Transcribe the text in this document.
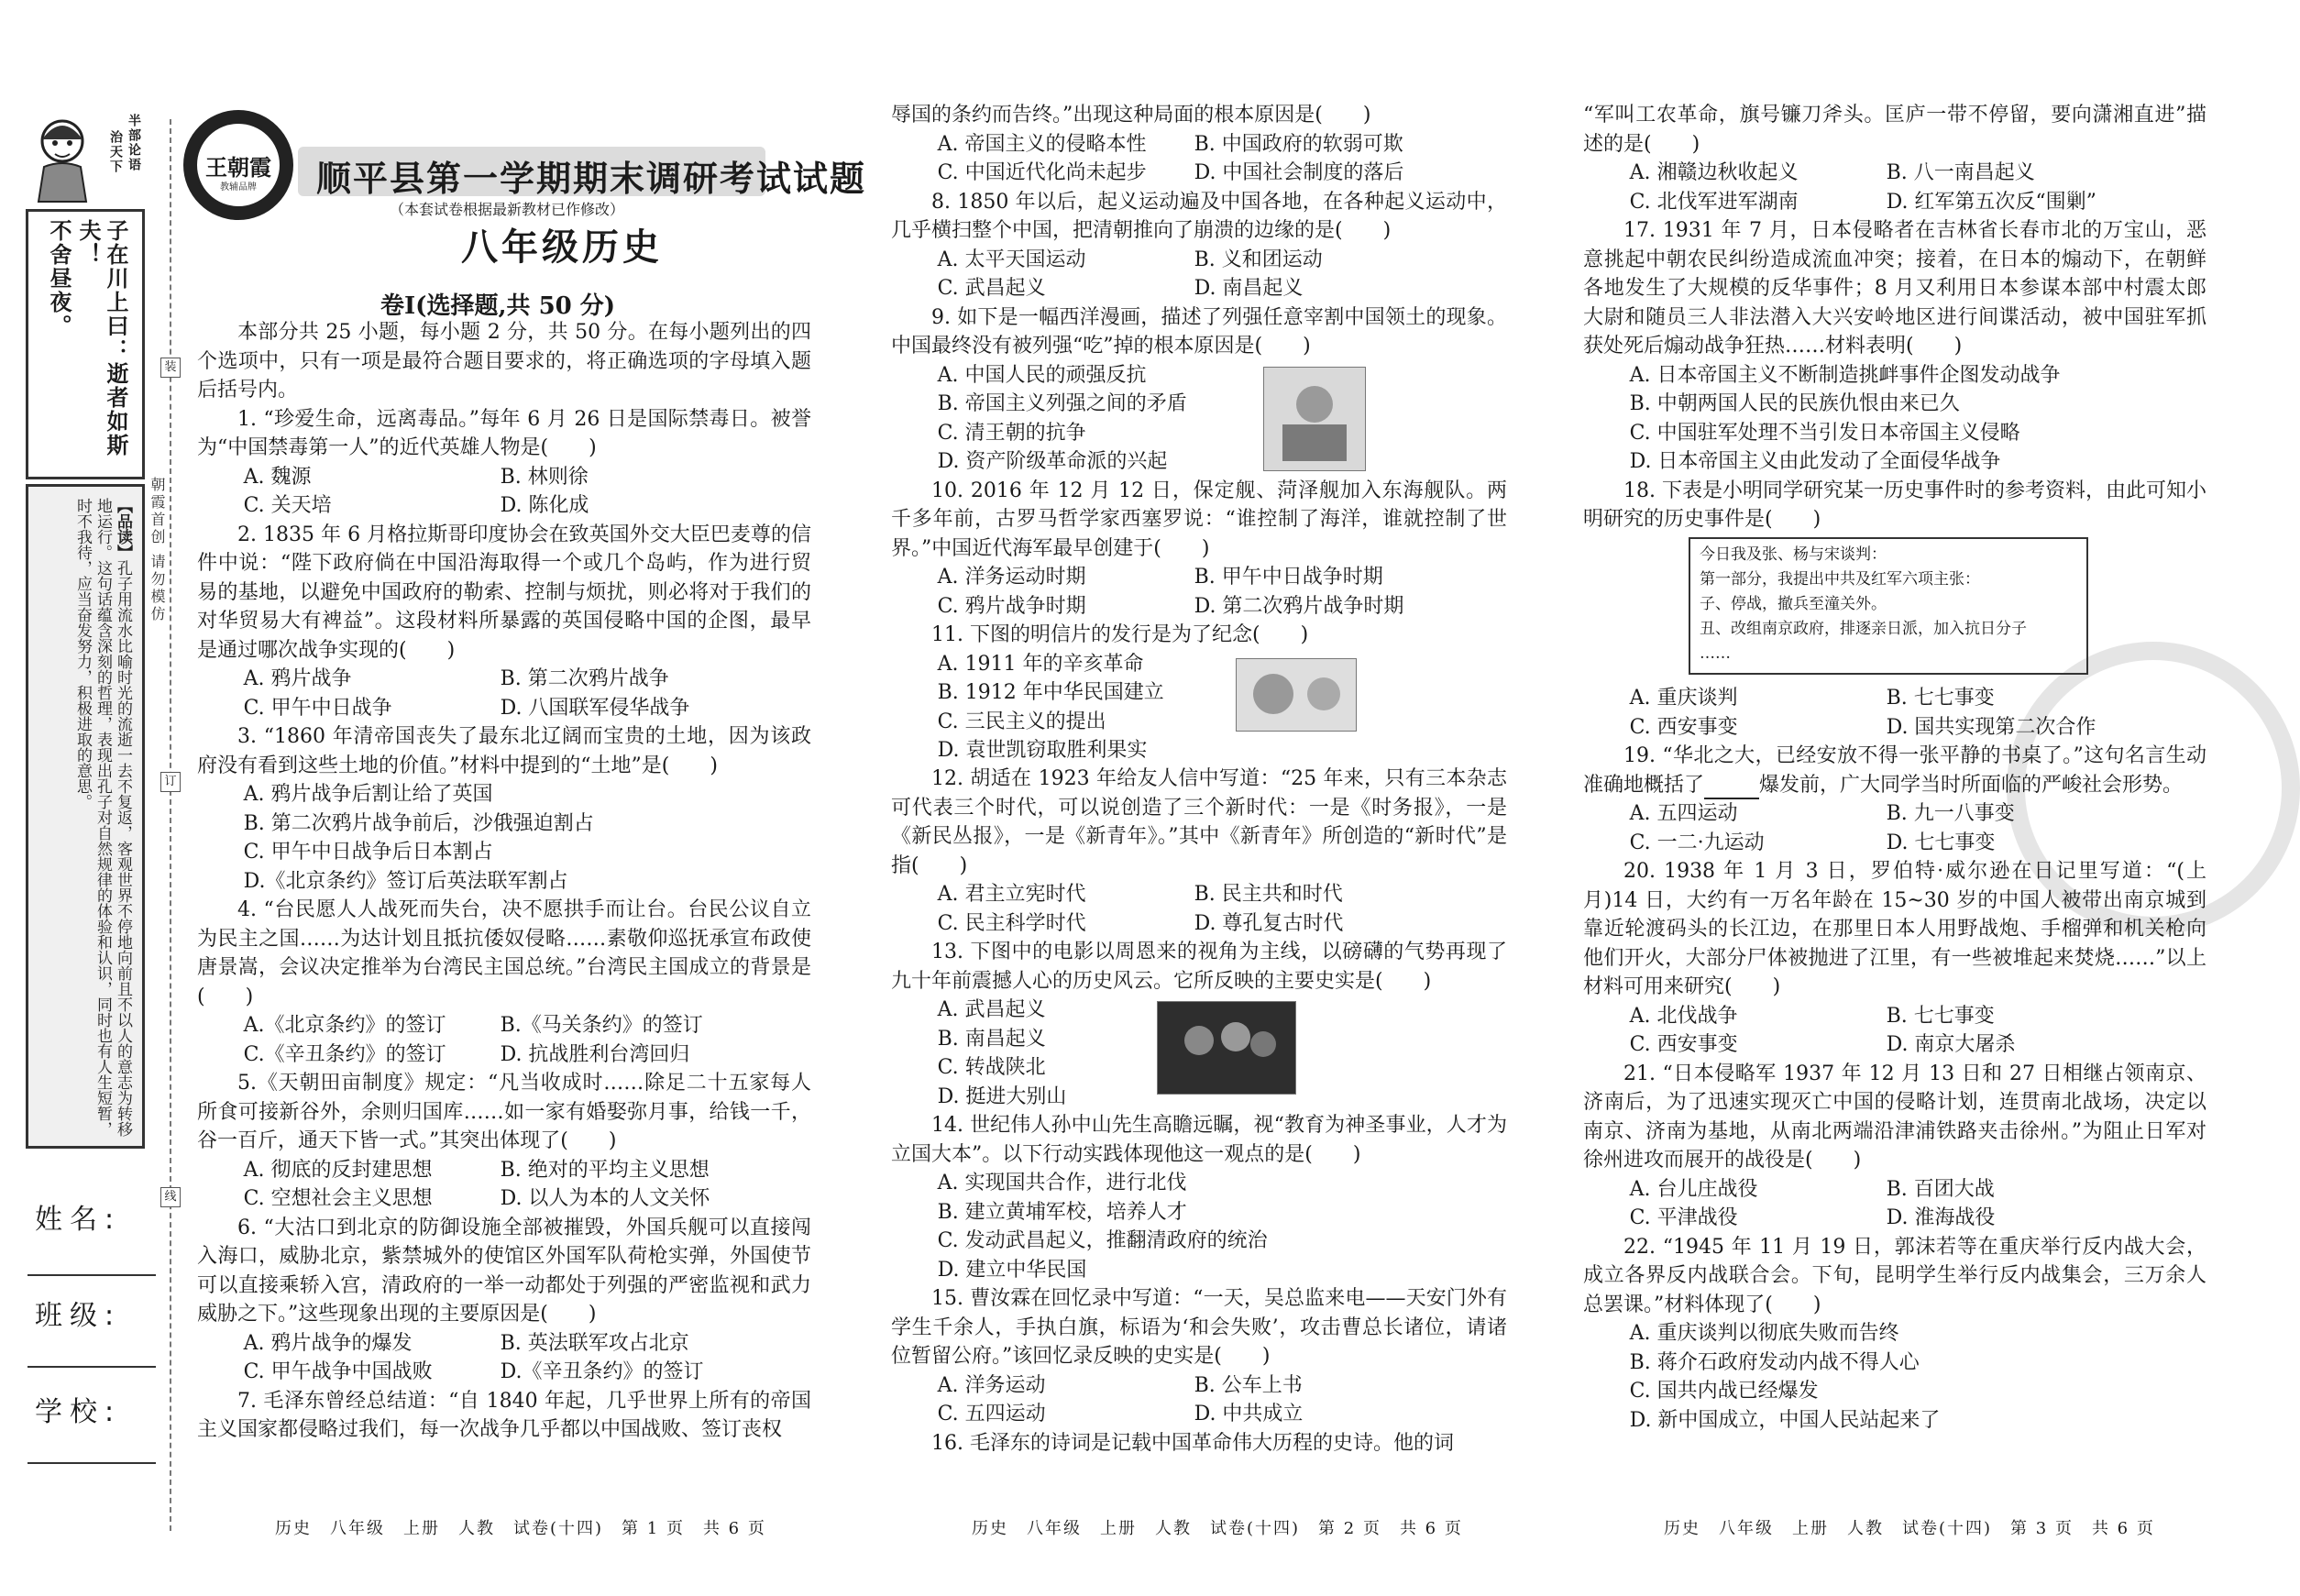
半部论语
治天下
子在川上曰：逝者如斯夫！
不舍昼夜。
【品读】孔子用流水比喻时光的流逝一去不复返，客观世界不停地向前且不以人的意志为转移地运行。这句话蕴含深刻的哲理，表现出孔子对自然规律的体验和认识，同时也有人生短暂，时不我待，应当奋发努力，积极进取的意思。
装
订
线
朝霞首创 请勿模仿
姓名:
班级:
学校:
王朝霞
教辅品牌	顺平县第一学期期末调研考试试题
（本套试卷根据最新教材已作修改）
八年级历史
卷Ⅰ(选择题,共 50 分)

本部分共 25 小题，每小题 2 分，共 50 分。在每小题列出的四个选项中，只有一项是最符合题目要求的，将正确选项的字母填入题后括号内。

1. “珍爱生命，远离毒品。”每年 6 月 26 日是国际禁毒日。被誉为“中国禁毒第一人”的近代英雄人物是(　　)

A. 魏源	B. 林则徐
C. 关天培	D. 陈化成

2. 1835 年 6 月格拉斯哥印度协会在致英国外交大臣巴麦尊的信件中说：“陛下政府倘在中国沿海取得一个或几个岛屿，作为进行贸易的基地，以避免中国政府的勒索、控制与烦扰，则必将对于我们的对华贸易大有裨益”。这段材料所暴露的英国侵略中国的企图，最早是通过哪次战争实现的(　　)

A. 鸦片战争	B. 第二次鸦片战争
C. 甲午中日战争	D. 八国联军侵华战争

3. “1860 年清帝国丧失了最东北辽阔而宝贵的土地，因为该政府没有看到这些土地的价值。”材料中提到的“土地”是(　　)

A. 鸦片战争后割让给了英国

B. 第二次鸦片战争前后，沙俄强迫割占

C. 甲午中日战争后日本割占

D.《北京条约》签订后英法联军割占

4. “台民愿人人战死而失台，决不愿拱手而让台。台民公议自立为民主之国……为达计划且抵抗倭奴侵略……素敬仰巡抚承宣布政使唐景嵩，会议决定推举为台湾民主国总统。”台湾民主国成立的背景是(　　)

A.《北京条约》的签订	B.《马关条约》的签订
C.《辛丑条约》的签订	D. 抗战胜利台湾回归

5.《天朝田亩制度》规定：“凡当收成时……除足二十五家每人所食可接新谷外，余则归国库……如一家有婚娶弥月事，给钱一千，谷一百斤，通天下皆一式。”其突出体现了(　　)

A. 彻底的反封建思想	B. 绝对的平均主义思想
C. 空想社会主义思想	D. 以人为本的人文关怀

6. “大沽口到北京的防御设施全部被摧毁，外国兵舰可以直接闯入海口，威胁北京，紫禁城外的使馆区外国军队荷枪实弹，外国使节可以直接乘轿入宫，清政府的一举一动都处于列强的严密监视和武力威胁之下。”这些现象出现的主要原因是(　　)

A. 鸦片战争的爆发	B. 英法联军攻占北京
C. 甲午战争中国战败	D.《辛丑条约》的签订

7. 毛泽东曾经总结道：“自 1840 年起，几乎世界上所有的帝国主义国家都侵略过我们，每一次战争几乎都以中国战败、签订丧权

辱国的条约而告终。”出现这种局面的根本原因是(　　)

A. 帝国主义的侵略本性	B. 中国政府的软弱可欺
C. 中国近代化尚未起步	D. 中国社会制度的落后

8. 1850 年以后，起义运动遍及中国各地，在各种起义运动中，几乎横扫整个中国，把清朝推向了崩溃的边缘的是(　　)

A. 太平天国运动	B. 义和团运动
C. 武昌起义	D. 南昌起义

9. 如下是一幅西洋漫画，描述了列强任意宰割中国领土的现象。中国最终没有被列强“吃”掉的根本原因是(　　)

A. 中国人民的顽强反抗

B. 帝国主义列强之间的矛盾

C. 清王朝的抗争

D. 资产阶级革命派的兴起

10. 2016 年 12 月 12 日，保定舰、菏泽舰加入东海舰队。两千多年前，古罗马哲学家西塞罗说：“谁控制了海洋，谁就控制了世界。”中国近代海军最早创建于(　　)

A. 洋务运动时期	B. 甲午中日战争时期
C. 鸦片战争时期	D. 第二次鸦片战争时期

11. 下图的明信片的发行是为了纪念(　　)

A. 1911 年的辛亥革命

B. 1912 年中华民国建立

C. 三民主义的提出

D. 袁世凯窃取胜利果实

12. 胡适在 1923 年给友人信中写道：“25 年来，只有三本杂志可代表三个时代，可以说创造了三个新时代：一是《时务报》，一是《新民丛报》，一是《新青年》。”其中《新青年》所创造的“新时代”是指(　　)

A. 君主立宪时代	B. 民主共和时代
C. 民主科学时代	D. 尊孔复古时代

13. 下图中的电影以周恩来的视角为主线，以磅礴的气势再现了九十年前震撼人心的历史风云。它所反映的主要史实是(　　)

A. 武昌起义

B. 南昌起义

C. 转战陕北

D. 挺进大别山

14. 世纪伟人孙中山先生高瞻远瞩，视“教育为神圣事业，人才为立国大本”。以下行动实践体现他这一观点的是(　　)

A. 实现国共合作，进行北伐

B. 建立黄埔军校，培养人才

C. 发动武昌起义，推翻清政府的统治

D. 建立中华民国

15. 曹汝霖在回忆录中写道：“一天，吴总监来电——天安门外有学生千余人，手执白旗，标语为‘和会失败’，攻击曹总长诸位，请诸位暂留公府。”该回忆录反映的史实是(　　)

A. 洋务运动	B. 公车上书
C. 五四运动	D. 中共成立

16. 毛泽东的诗词是记载中国革命伟大历程的史诗。他的词

“军叫工农革命，旗号镰刀斧头。匡庐一带不停留，要向潇湘直进”描述的是(　　)

A. 湘赣边秋收起义	B. 八一南昌起义
C. 北伐军进军湖南	D. 红军第五次反“围剿”

17. 1931 年 7 月，日本侵略者在吉林省长春市北的万宝山，恶意挑起中朝农民纠纷造成流血冲突；接着，在日本的煽动下，在朝鲜各地发生了大规模的反华事件；8 月又利用日本参谋本部中村震太郎大尉和随员三人非法潜入大兴安岭地区进行间谍活动，被中国驻军抓获处死后煽动战争狂热……材料表明(　　)

A. 日本帝国主义不断制造挑衅事件企图发动战争

B. 中朝两国人民的民族仇恨由来已久

C. 中国驻军处理不当引发日本帝国主义侵略

D. 日本帝国主义由此发动了全面侵华战争

18. 下表是小明同学研究某一历史事件时的参考资料，由此可知小明研究的历史事件是(　　)

今日我及张、杨与宋谈判：
第一部分，我提出中共及红军六项主张：
子、停战，撤兵至潼关外。
丑、改组南京政府，排逐亲日派，加入抗日分子
……
A. 重庆谈判	B. 七七事变
C. 西安事变	D. 国共实现第二次合作

19. “华北之大，已经安放不得一张平静的书桌了。”这句名言生动准确地概括了	爆发前，广大同学当时所面临的严峻社会形势。

A. 五四运动	B. 九一八事变
C. 一二·九运动	D. 七七事变

20. 1938 年 1 月 3 日，罗伯特·威尔逊在日记里写道：“(上月)14 日，大约有一万名年龄在 15~30 岁的中国人被带出南京城到靠近轮渡码头的长江边，在那里日本人用野战炮、手榴弹和机关枪向他们开火，大部分尸体被抛进了江里，有一些被堆起来焚烧……”以上材料可用来研究(　　)

A. 北伐战争	B. 七七事变
C. 西安事变	D. 南京大屠杀

21. “日本侵略军 1937 年 12 月 13 日和 27 日相继占领南京、济南后，为了迅速实现灭亡中国的侵略计划，连贯南北战场，决定以南京、济南为基地，从南北两端沿津浦铁路夹击徐州。”为阻止日军对徐州进攻而展开的战役是(　　)

A. 台儿庄战役	B. 百团大战
C. 平津战役	D. 淮海战役

22. “1945 年 11 月 19 日，郭沫若等在重庆举行反内战大会，成立各界反内战联合会。下旬，昆明学生举行反内战集会，三万余人总罢课。”材料体现了(　　)

A. 重庆谈判以彻底失败而告终

B. 蒋介石政府发动内战不得人心

C. 国共内战已经爆发

D. 新中国成立，中国人民站起来了

历史　八年级　上册　人教　试卷(十四)　第 1 页　共 6 页	历史　八年级　上册　人教　试卷(十四)　第 2 页　共 6 页	历史　八年级　上册　人教　试卷(十四)　第 3 页　共 6 页
